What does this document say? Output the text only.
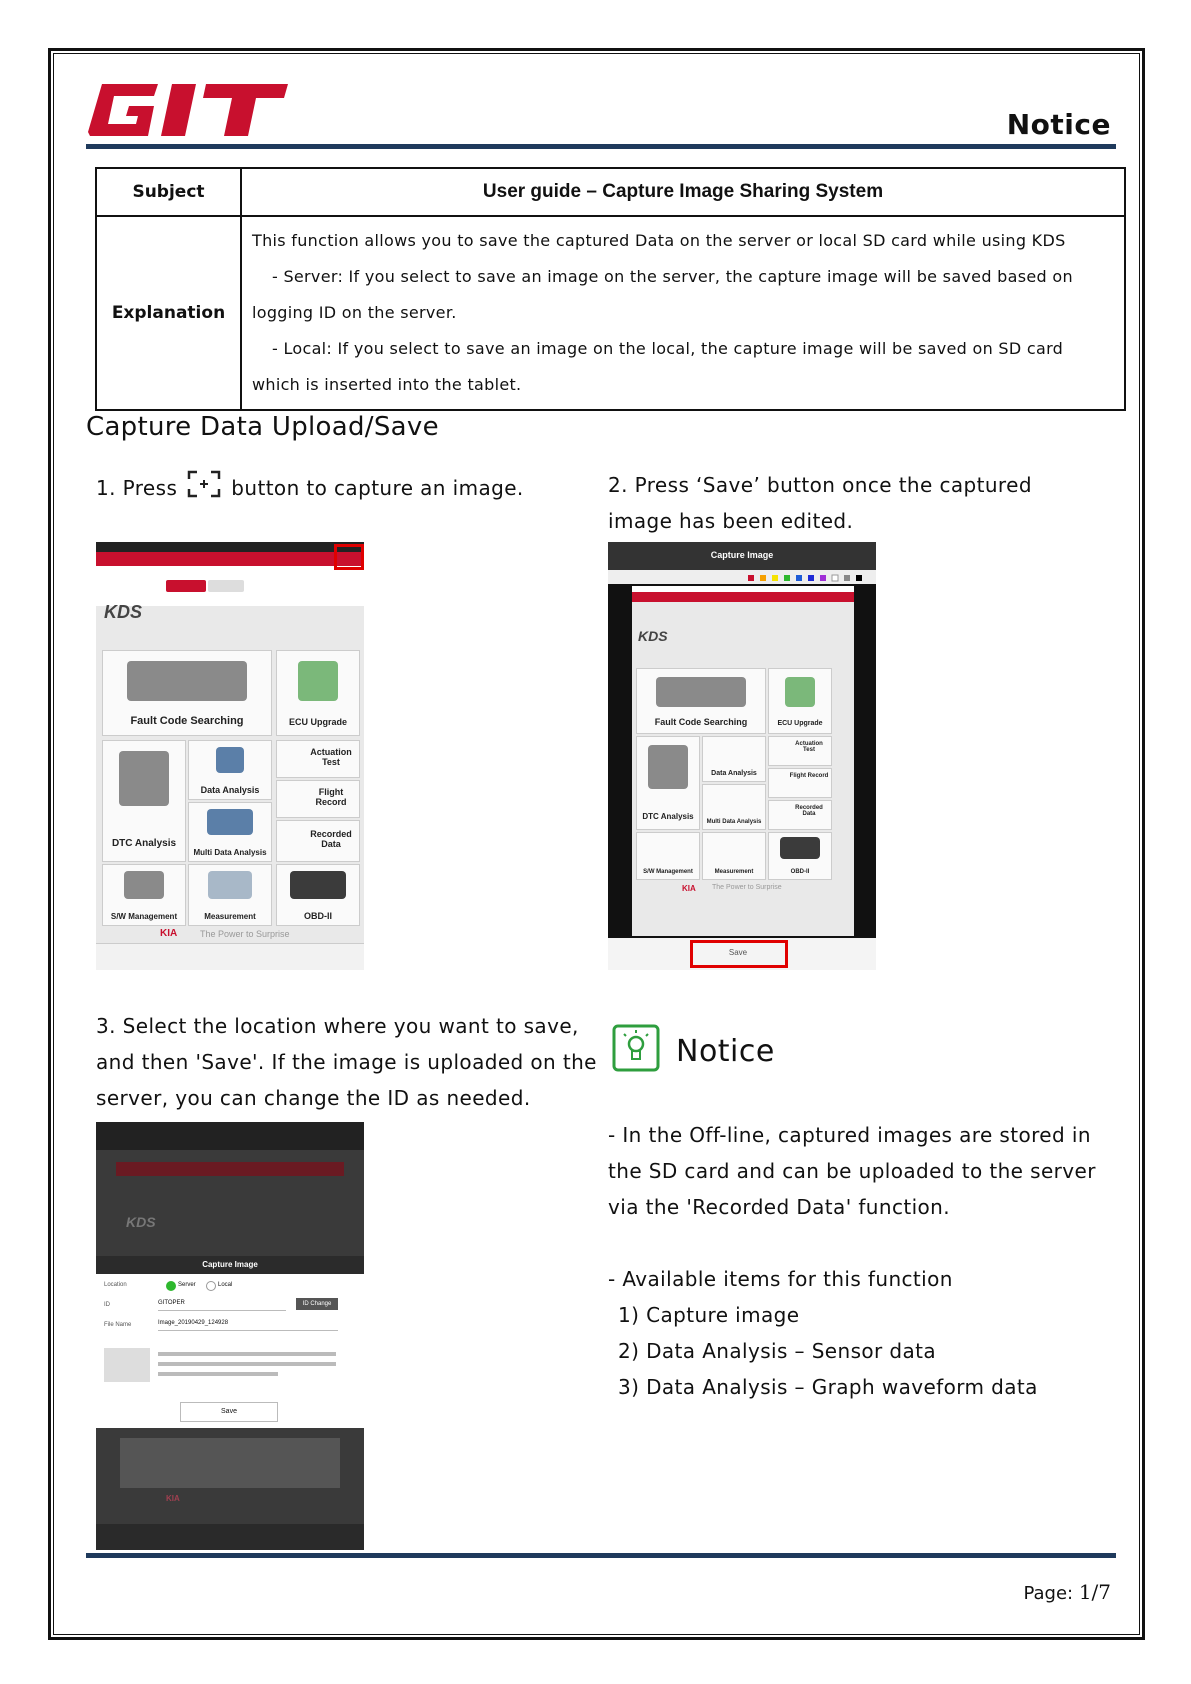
Notice
Subject	User guide – Capture Image Sharing System
Explanation	This function allows you to save the captured Data on the server or local SD card while using KDS
- Server: If you select to save an image on the server, the capture image will be saved based on
logging ID on the server.
- Local: If you select to save an image on the local, the capture image will be saved on SD card
which is inserted into the tablet.
Capture Data Upload/Save
1. Press	button to capture an image.	2. Press ‘Save’ button once the captured
image has been edited.
KDS
Fault Code Searching	ECU Upgrade
DTC Analysis
Data Analysis
Multi Data Analysis
Actuation Test
Flight Record
Recorded Data
S/W Management	Measurement	OBD-II
KIA	The Power to Surprise
Capture Image
KDS
Fault Code Searching	ECU Upgrade
DTC Analysis
Data Analysis
Multi Data Analysis
Actuation Test
Flight Record
Recorded Data
S/W Management	Measurement	OBD-II
KIA The Power to Surprise
Save
3. Select the location where you want to save,
and then 'Save'. If the image is uploaded on the
server, you can change the ID as needed.
KDS
Capture Image
Location	Server	Local
ID	GITOPER	ID Change
File Name	Image_20190429_124928
Save
KIA
Notice
- In the Off-line, captured images are stored in
the SD card and can be uploaded to the server
via the 'Recorded Data' function.
- Available items for this function
1) Capture image
2) Data Analysis – Sensor data
3) Data Analysis – Graph waveform data
Page: 1/7
